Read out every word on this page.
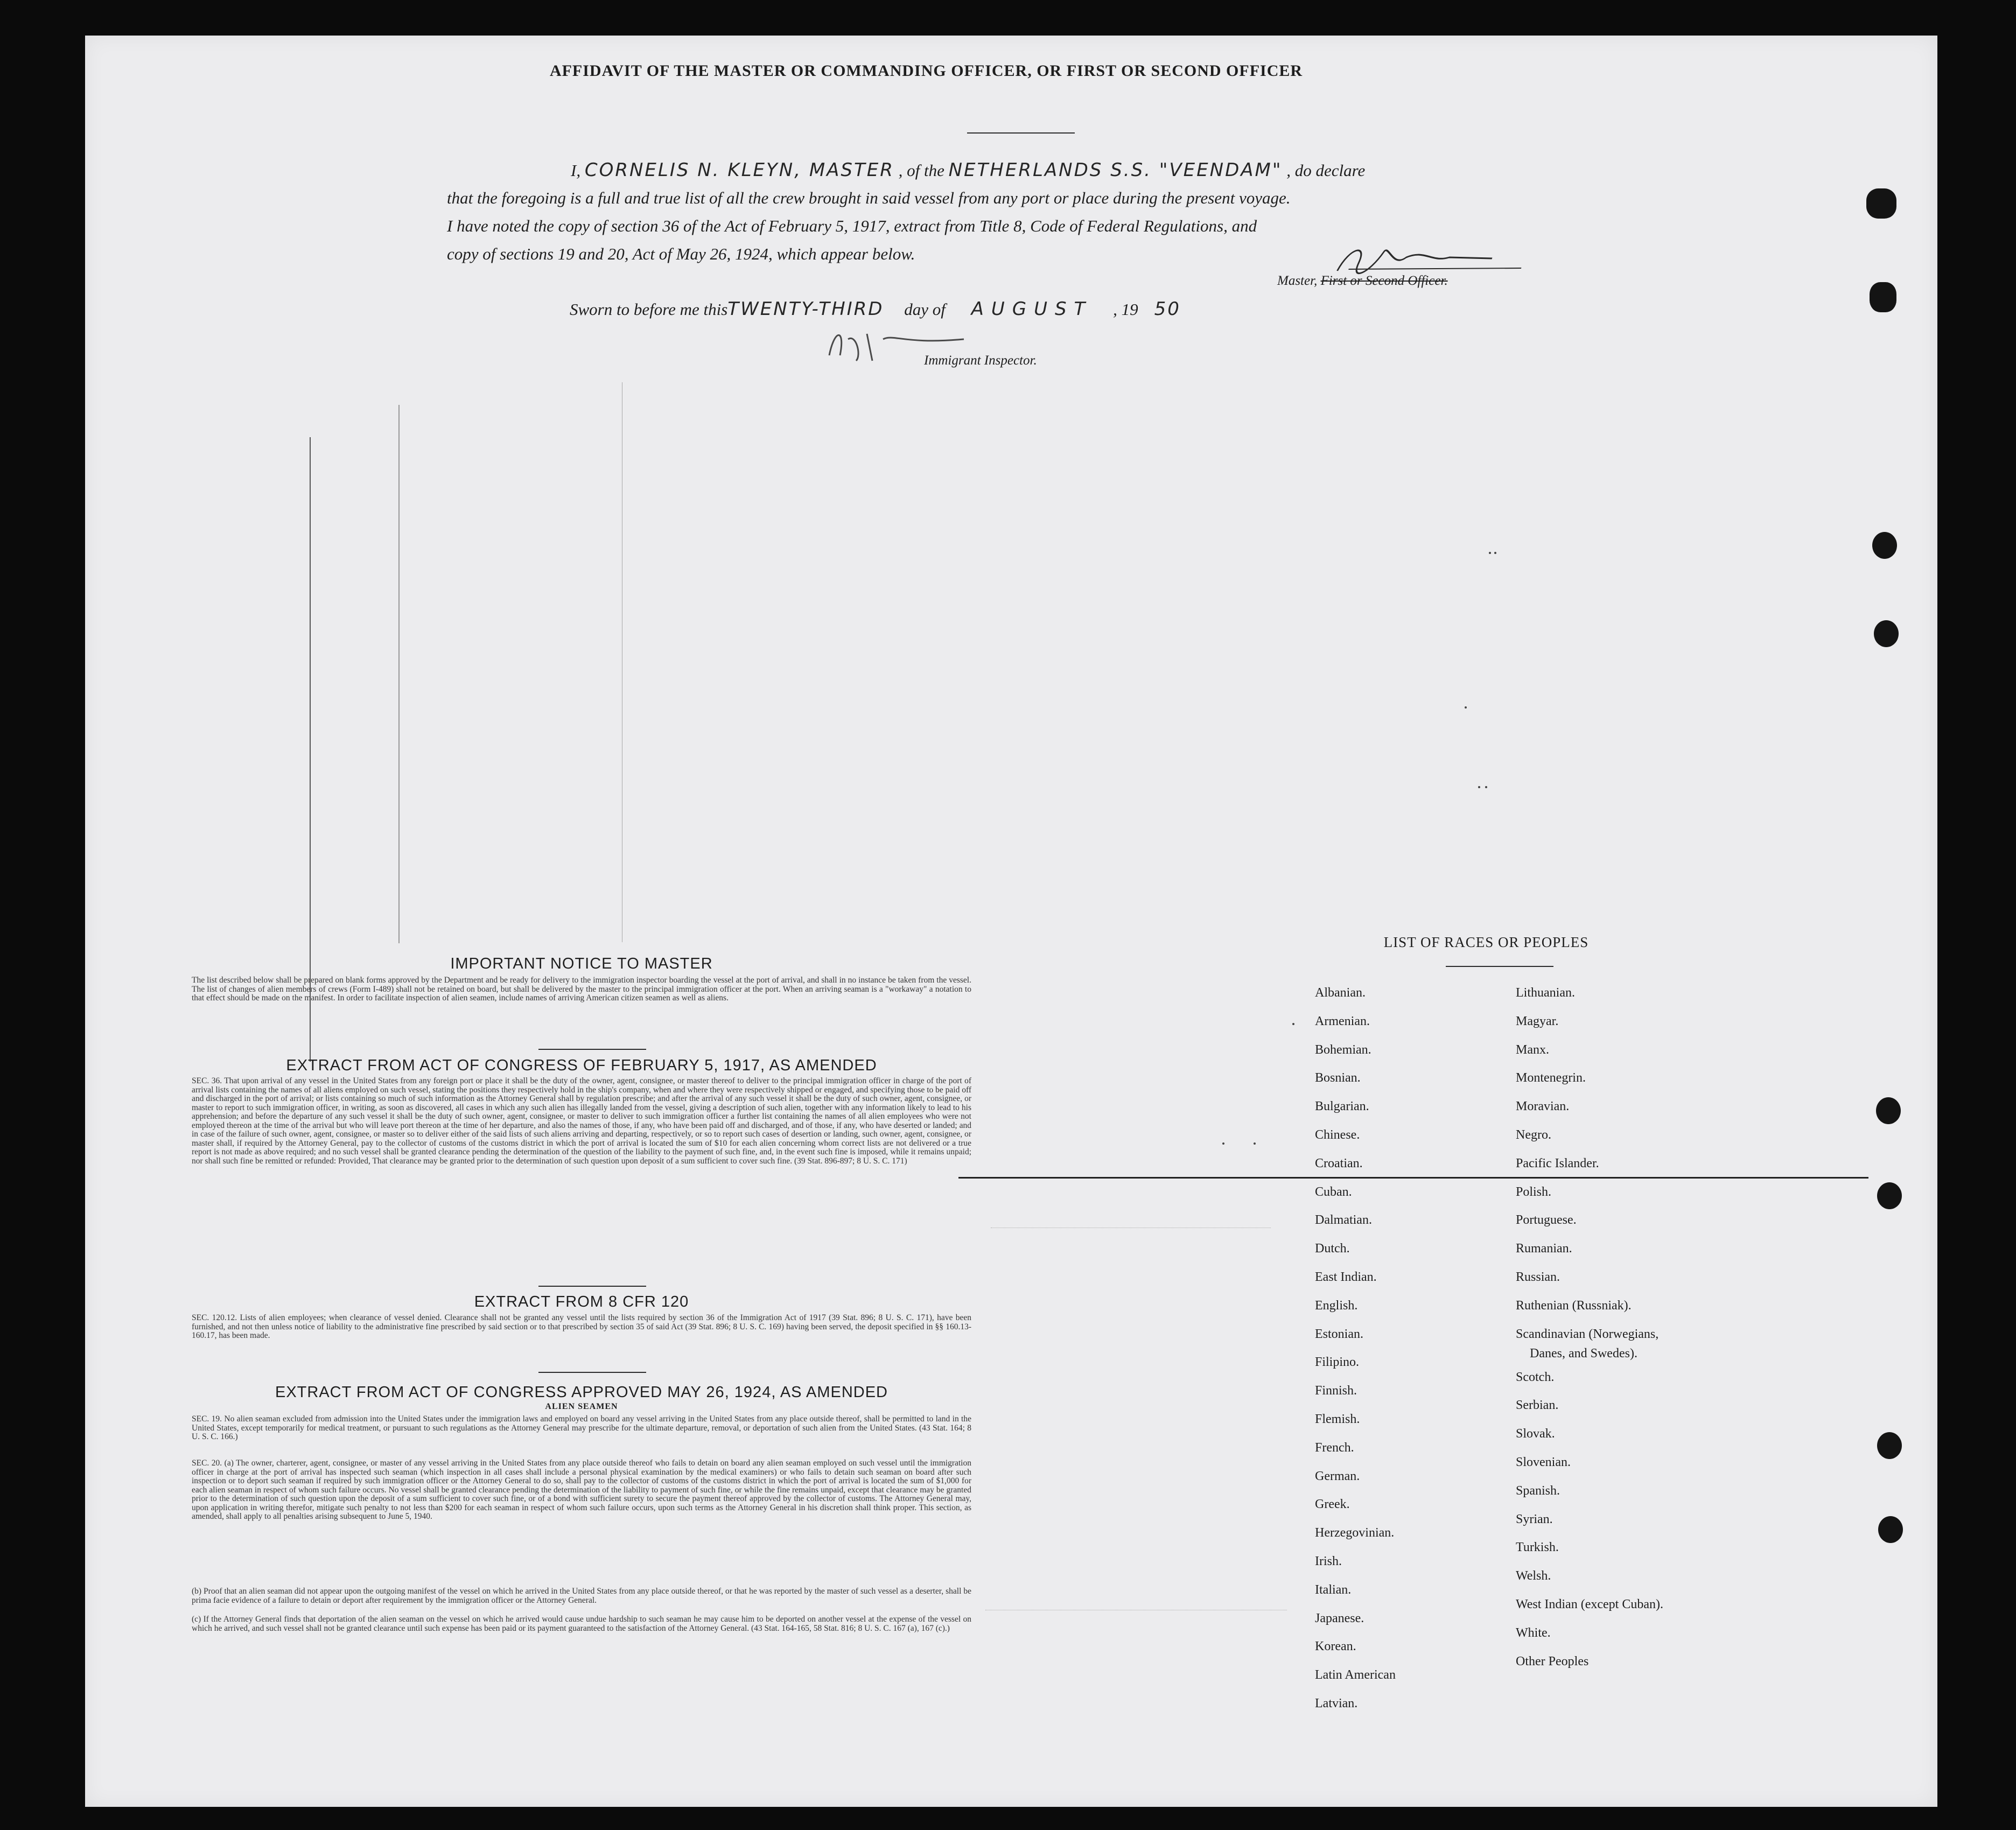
AFFIDAVIT OF THE MASTER OR COMMANDING OFFICER, OR FIRST OR SECOND OFFICER
I, CORNELIS N. KLEYN, MASTER , of the NETHERLANDS S.S. "VEENDAM" , do declare
that the foregoing is a full and true list of all the crew brought in said vessel from any port or place during the present voyage.
I have noted the copy of section 36 of the Act of February 5, 1917, extract from Title 8, Code of Federal Regulations, and
copy of sections 19 and 20, Act of May 26, 1924, which appear below.
Master, First or Second Officer.
Sworn to before me thisTWENTY-THIRD day of AUGUST , 19 50
Immigrant Inspector.
IMPORTANT NOTICE TO MASTER
The list described below shall be prepared on blank forms approved by the Department and be ready for delivery to the immigration inspector boarding the vessel at the port of arrival, and shall in no instance be taken from the vessel. The list of changes of alien members of crews (Form I-489) shall not be retained on board, but shall be delivered by the master to the principal immigration officer at the port. When an arriving seaman is a "workaway" a notation to that effect should be made on the manifest. In order to facilitate inspection of alien seamen, include names of arriving American citizen seamen as well as aliens.
EXTRACT FROM ACT OF CONGRESS OF FEBRUARY 5, 1917, AS AMENDED
SEC. 36. That upon arrival of any vessel in the United States from any foreign port or place it shall be the duty of the owner, agent, consignee, or master thereof to deliver to the principal immigration officer in charge of the port of arrival lists containing the names of all aliens employed on such vessel, stating the positions they respectively hold in the ship's company, when and where they were respectively shipped or engaged, and specifying those to be paid off and discharged in the port of arrival; or lists containing so much of such information as the Attorney General shall by regulation prescribe; and after the arrival of any such vessel it shall be the duty of such owner, agent, consignee, or master to report to such immigration officer, in writing, as soon as discovered, all cases in which any such alien has illegally landed from the vessel, giving a description of such alien, together with any information likely to lead to his apprehension; and before the departure of any such vessel it shall be the duty of such owner, agent, consignee, or master to deliver to such immigration officer a further list containing the names of all alien employees who were not employed thereon at the time of the arrival but who will leave port thereon at the time of her departure, and also the names of those, if any, who have been paid off and discharged, and of those, if any, who have deserted or landed; and in case of the failure of such owner, agent, consignee, or master so to deliver either of the said lists of such aliens arriving and departing, respectively, or so to report such cases of desertion or landing, such owner, agent, consignee, or master shall, if required by the Attorney General, pay to the collector of customs of the customs district in which the port of arrival is located the sum of $10 for each alien concerning whom correct lists are not delivered or a true report is not made as above required; and no such vessel shall be granted clearance pending the determination of the question of the liability to the payment of such fine, and, in the event such fine is imposed, while it remains unpaid; nor shall such fine be remitted or refunded: Provided, That clearance may be granted prior to the determination of such question upon deposit of a sum sufficient to cover such fine. (39 Stat. 896-897; 8 U. S. C. 171)
EXTRACT FROM 8 CFR 120
SEC. 120.12. Lists of alien employees; when clearance of vessel denied. Clearance shall not be granted any vessel until the lists required by section 36 of the Immigration Act of 1917 (39 Stat. 896; 8 U. S. C. 171), have been furnished, and not then unless notice of liability to the administrative fine prescribed by said section or to that prescribed by section 35 of said Act (39 Stat. 896; 8 U. S. C. 169) having been served, the deposit specified in §§ 160.13-160.17, has been made.
EXTRACT FROM ACT OF CONGRESS APPROVED MAY 26, 1924, AS AMENDED
ALIEN SEAMEN
SEC. 19. No alien seaman excluded from admission into the United States under the immigration laws and employed on board any vessel arriving in the United States from any place outside thereof, shall be permitted to land in the United States, except temporarily for medical treatment, or pursuant to such regulations as the Attorney General may prescribe for the ultimate departure, removal, or deportation of such alien from the United States. (43 Stat. 164; 8 U. S. C. 166.)
SEC. 20. (a) The owner, charterer, agent, consignee, or master of any vessel arriving in the United States from any place outside thereof who fails to detain on board any alien seaman employed on such vessel until the immigration officer in charge at the port of arrival has inspected such seaman (which inspection in all cases shall include a personal physical examination by the medical examiners) or who fails to detain such seaman on board after such inspection or to deport such seaman if required by such immigration officer or the Attorney General to do so, shall pay to the collector of customs of the customs district in which the port of arrival is located the sum of $1,000 for each alien seaman in respect of whom such failure occurs. No vessel shall be granted clearance pending the determination of the liability to payment of such fine, or while the fine remains unpaid, except that clearance may be granted prior to the determination of such question upon the deposit of a sum sufficient to cover such fine, or of a bond with sufficient surety to secure the payment thereof approved by the collector of customs. The Attorney General may, upon application in writing therefor, mitigate such penalty to not less than $200 for each seaman in respect of whom such failure occurs, upon such terms as the Attorney General in his discretion shall think proper. This section, as amended, shall apply to all penalties arising subsequent to June 5, 1940.
(b) Proof that an alien seaman did not appear upon the outgoing manifest of the vessel on which he arrived in the United States from any place outside thereof, or that he was reported by the master of such vessel as a deserter, shall be prima facie evidence of a failure to detain or deport after requirement by the immigration officer or the Attorney General.
(c) If the Attorney General finds that deportation of the alien seaman on the vessel on which he arrived would cause undue hardship to such seaman he may cause him to be deported on another vessel at the expense of the vessel on which he arrived, and such vessel shall not be granted clearance until such expense has been paid or its payment guaranteed to the satisfaction of the Attorney General. (43 Stat. 164-165, 58 Stat. 816; 8 U. S. C. 167 (a), 167 (c).)
LIST OF RACES OR PEOPLES
Albanian.
Armenian.
Bohemian.
Bosnian.
Bulgarian.
Chinese.
Croatian.
Cuban.
Dalmatian.
Dutch.
East Indian.
English.
Estonian.
Filipino.
Finnish.
Flemish.
French.
German.
Greek.
Herzegovinian.
Irish.
Italian.
Japanese.
Korean.
Latin American
Latvian.
Lithuanian.
Magyar.
Manx.
Montenegrin.
Moravian.
Negro.
Pacific Islander.
Polish.
Portuguese.
Rumanian.
Russian.
Ruthenian (Russniak).
Scandinavian (Norwegians,
Danes, and Swedes).
Scotch.
Serbian.
Slovak.
Slovenian.
Spanish.
Syrian.
Turkish.
Welsh.
West Indian (except Cuban).
White.
Other Peoples
